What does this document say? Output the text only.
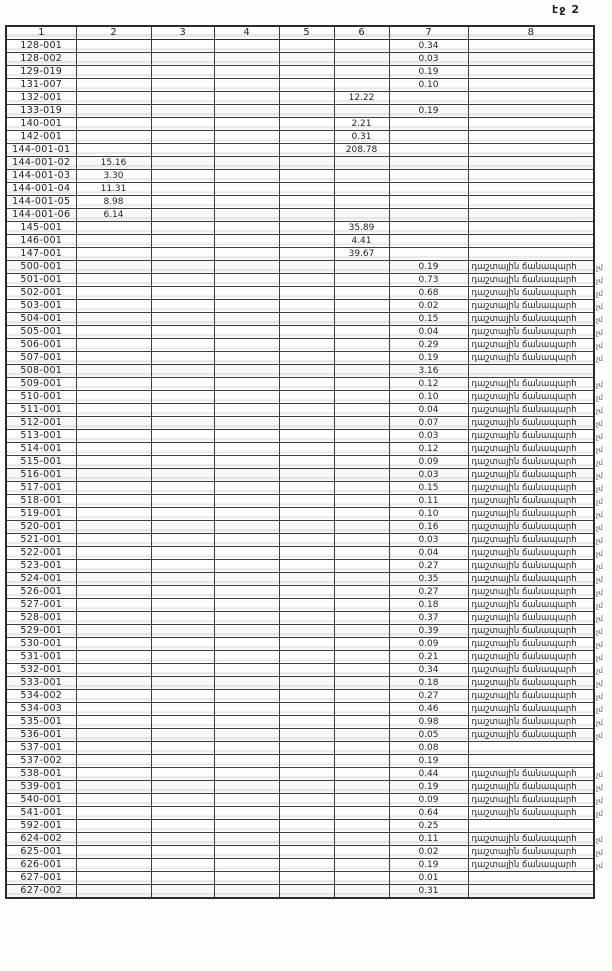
էջ 2
1	2	3	4	5	6	7	8
128-001						0.34	

128-002						0.03	

129-019						0.19	

131-007						0.10	

132-001					12.22		

133-019						0.19	

140-001					2.21		

142-001					0.31		

144-001-01					208.78		

144-001-02	15.16						

144-001-03	3.30						

144-001-04	11.31						

144-001-05	8.98						

144-001-06	6.14						

145-001					35.89		

146-001					4.41		

147-001					39.67		

500-001						0.19	դաշտային ճանապարհ չմ

501-001						0.73	դաշտային ճանապարհ չմ

502-001						0.68	դաշտային ճանապարհ չմ

503-001						0.02	դաշտային ճանապարհ չմ

504-001						0.15	դաշտային ճանապարհ չմ

505-001						0.04	դաշտային ճանապարհ չմ

506-001						0.29	դաշտային ճանապարհ չմ

507-001						0.19	դաշտային ճանապարհ չմ

508-001						3.16	

509-001						0.12	դաշտային ճանապարհ չմ

510-001						0.10	դաշտային ճանապարհ չմ

511-001						0.04	դաշտային ճանապարհ չմ

512-001						0.07	դաշտային ճանապարհ չմ

513-001						0.03	դաշտային ճանապարհ չմ

514-001						0.12	դաշտային ճանապարհ չմ

515-001						0.09	դաշտային ճանապարհ չմ

516-001						0.03	դաշտային ճանապարհ չմ

517-001						0.15	դաշտային ճանապարհ չմ

518-001						0.11	դաշտային ճանապարհ չմ

519-001						0.10	դաշտային ճանապարհ չմ

520-001						0.16	դաշտային ճանապարհ չմ

521-001						0.03	դաշտային ճանապարհ չմ

522-001						0.04	դաշտային ճանապարհ չմ

523-001						0.27	դաշտային ճանապարհ չմ

524-001						0.35	դաշտային ճանապարհ չմ

526-001						0.27	դաշտային ճանապարհ չմ

527-001						0.18	դաշտային ճանապարհ չմ

528-001						0.37	դաշտային ճանապարհ չմ

529-001						0.39	դաշտային ճանապարհ չմ

530-001						0.09	դաշտային ճանապարհ չմ

531-001						0.21	դաշտային ճանապարհ չմ

532-001						0.34	դաշտային ճանապարհ չմ

533-001						0.18	դաշտային ճանապարհ չմ

534-002						0.27	դաշտային ճանապարհ չմ

534-003						0.46	դաշտային ճանապարհ չմ

535-001						0.98	դաշտային ճանապարհ չմ

536-001						0.05	դաշտային ճանապարհ չմ

537-001						0.08	

537-002						0.19	

538-001						0.44	դաշտային ճանապարհ չմ

539-001						0.19	դաշտային ճանապարհ չմ

540-001						0.09	դաշտային ճանապարհ չմ

541-001						0.64	դաշտային ճանապարհ չմ

592-001						0.25	

624-002						0.11	դաշտային ճանապարհ չմ

625-001						0.02	դաշտային ճանապարհ չմ

626-001						0.19	դաշտային ճանապարհ չմ

627-001						0.01	

627-002						0.31	
